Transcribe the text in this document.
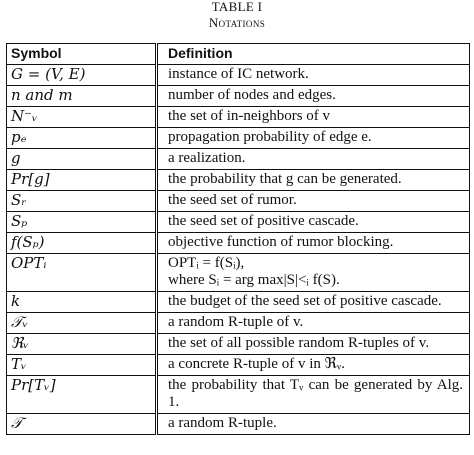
TABLE I
Notations
Symbol	Definition
G = (V, E)	instance of IC network.
n and m	number of nodes and edges.
N⁻ᵥ	the set of in-neighbors of v
pₑ	propagation probability of edge e.
g	a realization.
Pr[g]	the probability that g can be generated.
Sᵣ	the seed set of rumor.
Sₚ	the seed set of positive cascade.
f(Sₚ)	objective function of rumor blocking.
OPTᵢ	OPTᵢ = f(Sᵢ),
where Sᵢ = arg max|S|<ᵢ f(S).
k	the budget of the seed set of positive cascade.
𝒯ᵥ	a random R-tuple of v.
ℜᵥ	the set of all possible random R-tuples of v.
Tᵥ	a concrete R-tuple of v in ℜᵥ.
Pr[Tᵥ]	the probability that Tᵥ can be generated by Alg. 1.
𝒯	a random R-tuple.
